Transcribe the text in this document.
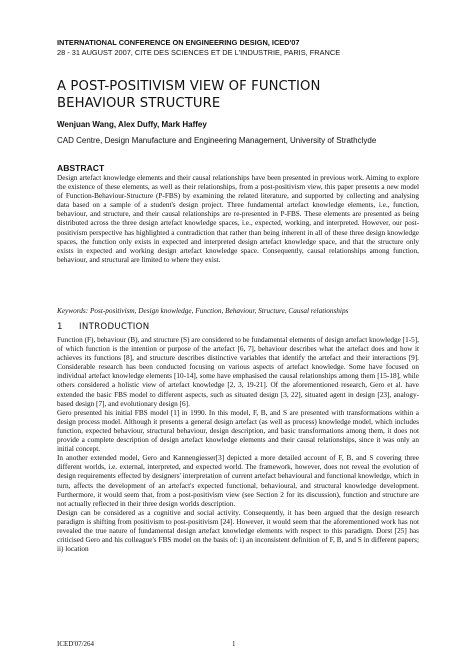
INTERNATIONAL CONFERENCE ON ENGINEERING DESIGN, ICED'07
28 - 31 AUGUST 2007, CITE DES SCIENCES ET DE L'INDUSTRIE, PARIS, FRANCE
A POST-POSITIVISM VIEW OF FUNCTION
BEHAVIOUR STRUCTURE
Wenjuan Wang, Alex Duffy, Mark Haffey
CAD Centre, Design Manufacture and Engineering Management, University of Strathclyde
ABSTRACT
Design artefact knowledge elements and their causal relationships have been presented in previous work. Aiming to explore the existence of these elements, as well as their relationships, from a post-positivism view, this paper presents a new model of Function-Behaviour-Structure (P-FBS) by examining the related literature, and supported by collecting and analysing data based on a sample of a student's design project. Three fundamental artefact knowledge elements, i.e., function, behaviour, and structure, and their causal relationships are re-presented in P-FBS. These elements are presented as being distributed across the three design artefact knowledge spaces, i.e., expected, working, and interpreted. However, our post-positivism perspective has highlighted a contradiction that rather than being inherent in all of these three design knowledge spaces, the function only exists in expected and interpreted design artefact knowledge space, and that the structure only exists in expected and working design artefact knowledge space. Consequently, causal relationships among function, behaviour, and structural are limited to where they exist.
Keywords: Post-positivism, Design knowledge, Function, Behaviour, Structure, Causal relationships
1 INTRODUCTION

Function (F), behaviour (B), and structure (S) are considered to be fundamental elements of design artefact knowledge [1-5], of which function is the intention or purpose of the artefact [6, 7], behaviour describes what the artefact does and how it achieves its functions [8], and structure describes distinctive variables that identify the artefact and their interactions [9]. Considerable research has been conducted focusing on various aspects of artefact knowledge. Some have focused on individual artefact knowledge elements [10-14], some have emphasised the causal relationships among them [15-18], while others considered a holistic view of artefact knowledge [2, 3, 19-21]. Of the aforementioned research, Gero et al. have extended the basic FBS model to different aspects, such as situated design [3, 22], situated agent in design [23], analogy-based design [7], and evolutionary design [6].

Gero presented his initial FBS model [1] in 1990. In this model, F, B, and S are presented with transformations within a design process model. Although it presents a general design artefact (as well as process) knowledge model, which includes function, expected behaviour, structural behaviour, design description, and basic transformations among them, it does not provide a complete description of design artefact knowledge elements and their causal relationships, since it was only an initial concept.

In another extended model, Gero and Kannengiesser[3] depicted a more detailed account of F, B, and S covering three different worlds, i.e. external, interpreted, and expected world. The framework, however, does not reveal the evolution of design requirements effected by designers' interpretation of current artefact behavioural and functional knowledge, which in turn, affects the development of an artefact's expected functional, behavioural, and structural knowledge development. Furthermore, it would seem that, from a post-positivism view (see Section 2 for its discussion), function and structure are not actually reflected in their three design worlds description.

Design can be considered as a cognitive and social activity. Consequently, it has been argued that the design research paradigm is shifting from positivism to post-positivism [24]. However, it would seem that the aforementioned work has not revealed the true nature of fundamental design artefact knowledge elements with respect to this paradigm. Dorst [25] has criticised Gero and his colleague's FBS model on the basis of: i) an inconsistent definition of F, B, and S in different papers; ii) location

ICED'07/264	1
